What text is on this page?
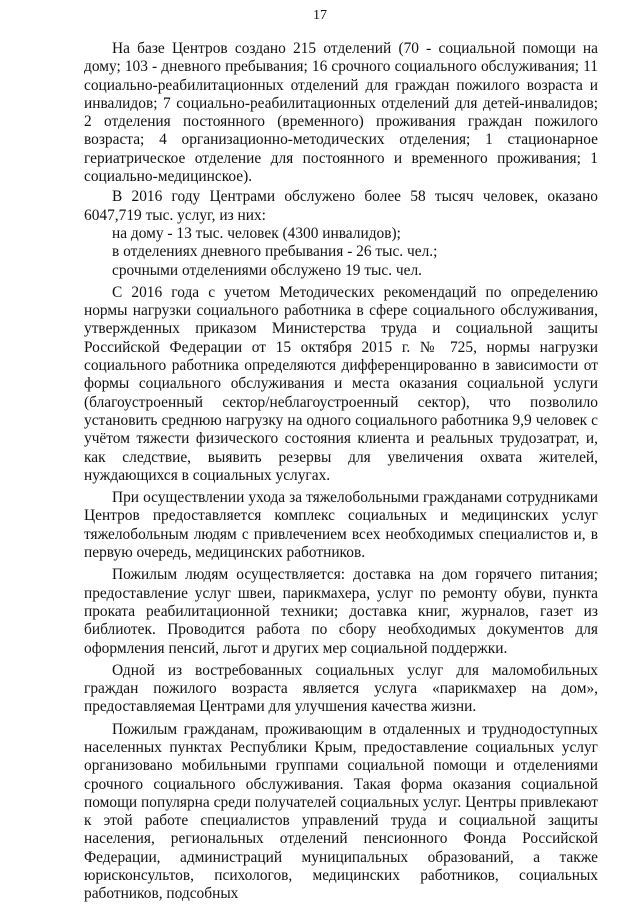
17

На базе Центров создано 215 отделений (70 - социальной помощи на дому; 103 - дневного пребывания; 16 срочного социального обслуживания; 11 социально-реабилитационных отделений для граждан пожилого возраста и инвалидов; 7 социально-реабилитационных отделений для детей-инвалидов; 2 отделения постоянного (временного) проживания граждан пожилого возраста; 4 организационно-методических отделения; 1 стационарное гериатрическое отделение для постоянного и временного проживания; 1 социально-медицинское).

В 2016 году Центрами обслужено более 58 тысяч человек, оказано 6047,719 тыс. услуг, из них:

на дому - 13 тыс. человек (4300 инвалидов);

в отделениях дневного пребывания - 26 тыс. чел.;

срочными отделениями обслужено 19 тыс. чел.

С 2016 года с учетом Методических рекомендаций по определению нормы нагрузки социального работника в сфере социального обслуживания, утвержденных приказом Министерства труда и социальной защиты Российской Федерации от 15 октября 2015 г. № 725, нормы нагрузки социального работника определяются дифференцированно в зависимости от формы социального обслуживания и места оказания социальной услуги (благоустроенный сектор/неблагоустроенный сектор), что позволило установить среднюю нагрузку на одного социального работника 9,9 человек с учётом тяжести физического состояния клиента и реальных трудозатрат, и, как следствие, выявить резервы для увеличения охвата жителей, нуждающихся в социальных услугах.

При осуществлении ухода за тяжелобольными гражданами сотрудниками Центров предоставляется комплекс социальных и медицинских услуг тяжелобольным людям с привлечением всех необходимых специалистов и, в первую очередь, медицинских работников.

Пожилым людям осуществляется: доставка на дом горячего питания; предоставление услуг швеи, парикмахера, услуг по ремонту обуви, пункта проката реабилитационной техники; доставка книг, журналов, газет из библиотек. Проводится работа по сбору необходимых документов для оформления пенсий, льгот и других мер социальной поддержки.

Одной из востребованных социальных услуг для маломобильных граждан пожилого возраста является услуга «парикмахер на дом», предоставляемая Центрами для улучшения качества жизни.

Пожилым гражданам, проживающим в отдаленных и труднодоступных населенных пунктах Республики Крым, предоставление социальных услуг организовано мобильными группами социальной помощи и отделениями срочного социального обслуживания. Такая форма оказания социальной помощи популярна среди получателей социальных услуг. Центры привлекают к этой работе специалистов управлений труда и социальной защиты населения, региональных отделений пенсионного Фонда Российской Федерации, администраций муниципальных образований, а также юрисконсультов, психологов, медицинских работников, социальных работников, подсобных
